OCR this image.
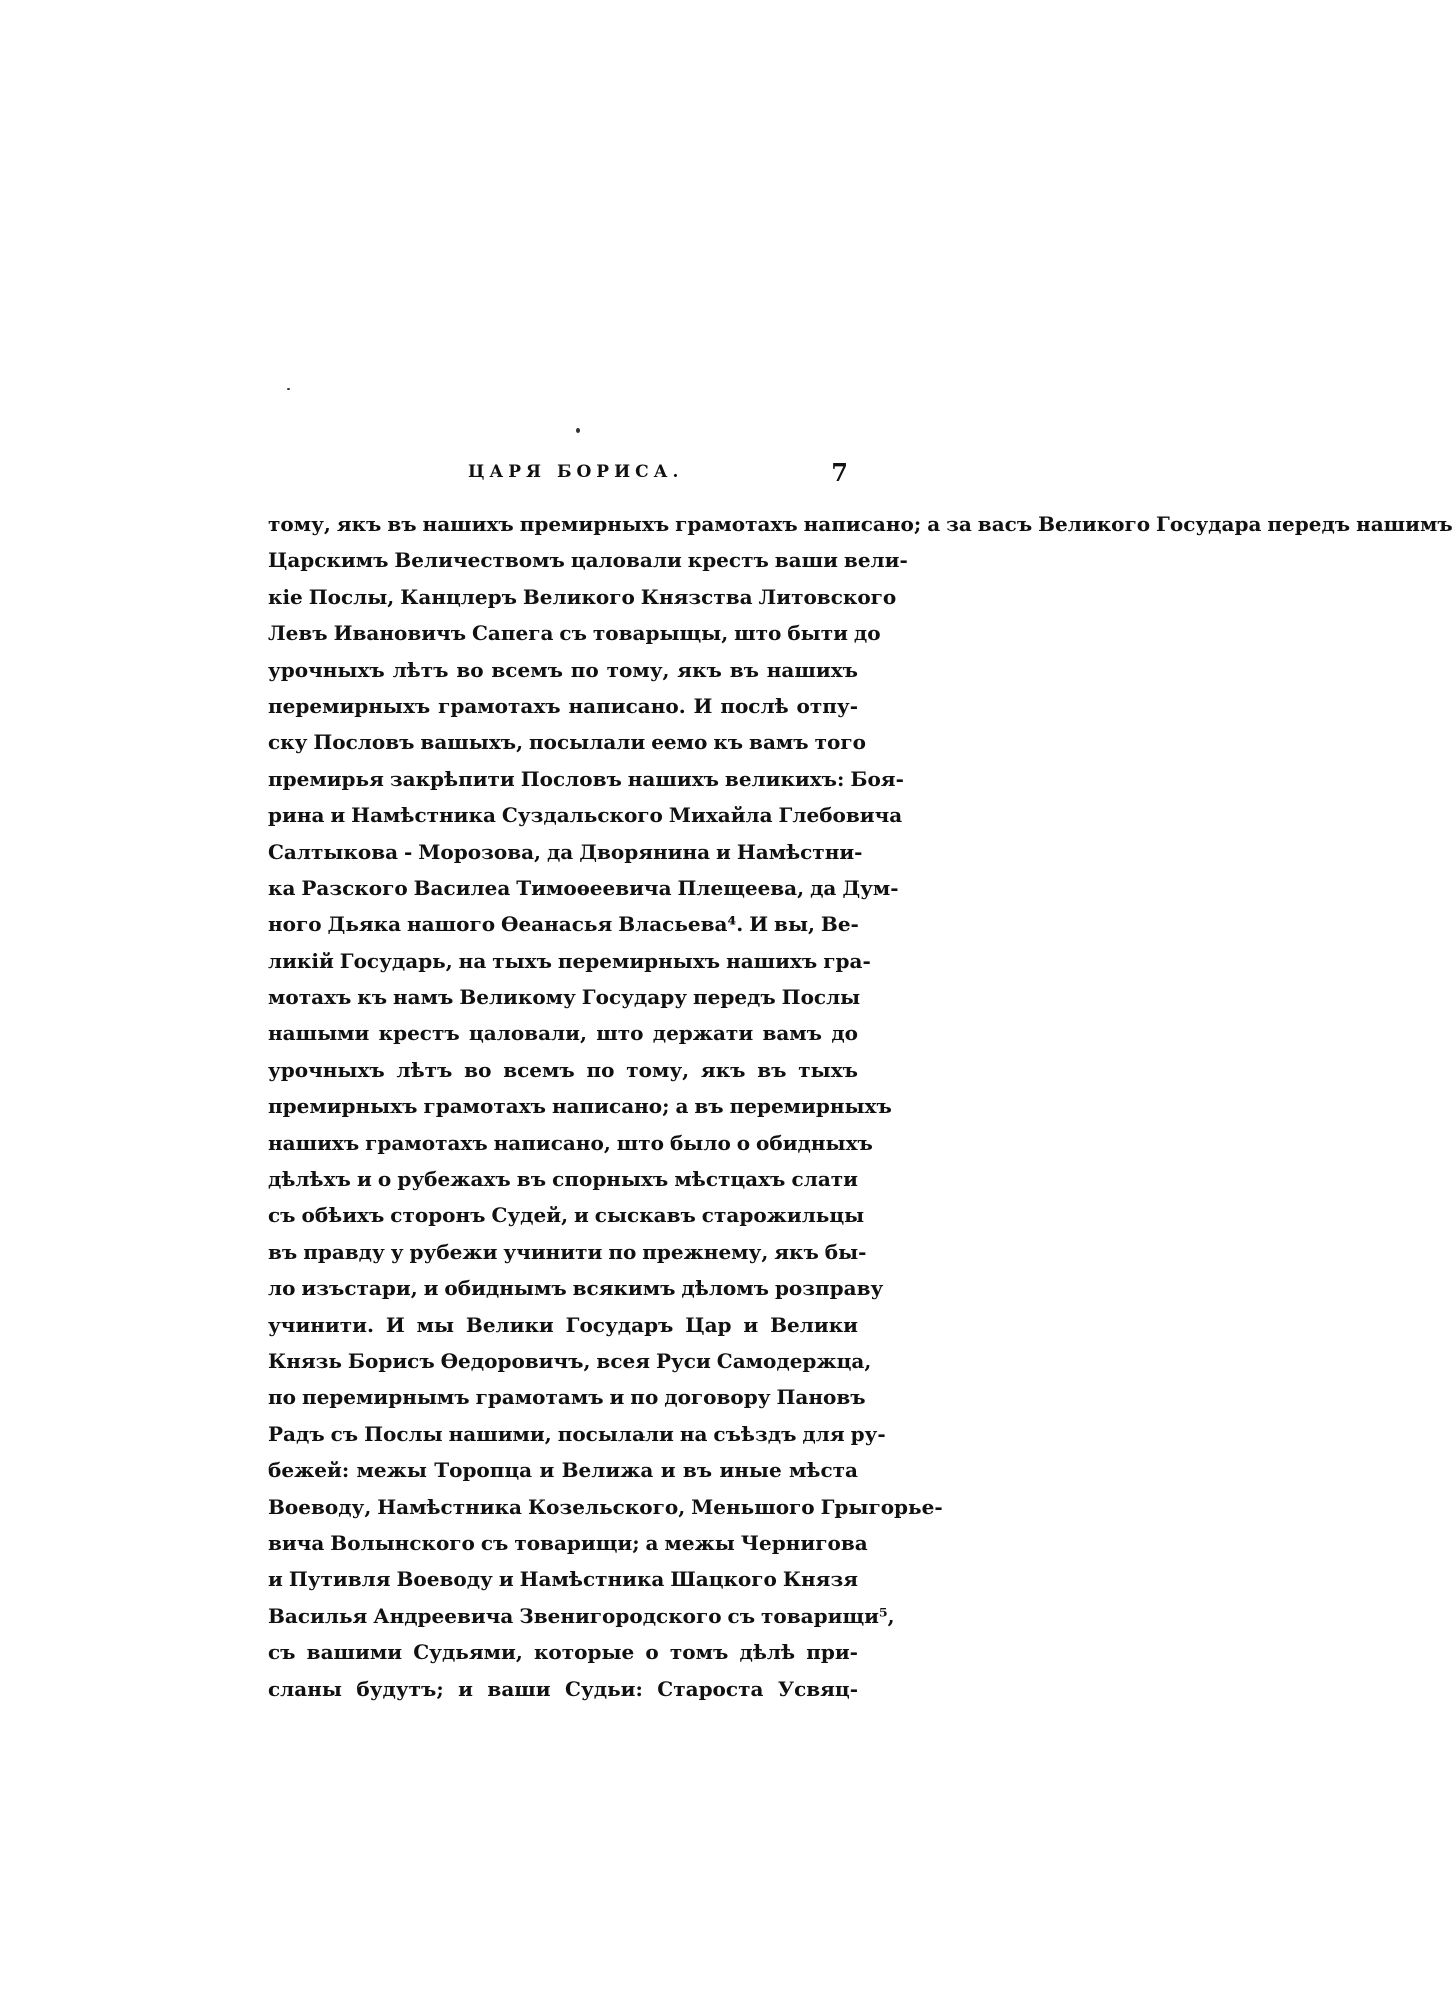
ЦАРЯ БОРИСА.	7
тому, якъ въ нашихъ премирныхъ грамотахъ написано; а за васъ Великого Государа передъ нашимъ
Царскимъ Величествомъ цаловали крестъ ваши вели-
кіе Послы, Канцлеръ Великого Князства Литовского
Левъ Ивановичъ Сапега съ товарыщы, што быти до
урочныхъ лѣтъ во всемъ по тому, якъ въ нашихъ
перемирныхъ грамотахъ написано. И послѣ отпу-
ску Пословъ вашыхъ, посылали еемо къ вамъ того
премирья закрѣпити Пословъ нашихъ великихъ: Боя-
рина и Намѣстника Суздальского Михайла Глебовича
Салтыкова - Морозова, да Дворянина и Намѣстни-
ка Разского Василеа Тимоѳеевича Плещеева, да Дум-
ного Дьяка нашого Ѳеанасья Власьева⁴. И вы, Ве-
ликій Государь, на тыхъ перемирныхъ нашихъ гра-
мотахъ къ намъ Великому Государу передъ Послы
нашыми крестъ цаловали, што держати вамъ до
урочныхъ лѣтъ во всемъ по тому, якъ въ тыхъ
премирныхъ грамотахъ написано; а въ перемирныхъ
нашихъ грамотахъ написано, што было о обидныхъ
дѣлѣхъ и о рубежахъ въ спорныхъ мѣстцахъ слати
съ обѣихъ сторонъ Судей, и сыскавъ старожильцы
въ правду у рубежи учинити по прежнему, якъ бы-
ло изъстари, и обиднымъ всякимъ дѣломъ розправу
учинити. И мы Велики Государъ Цар и Велики
Князь Борисъ Ѳедоровичъ, всея Руси Самодержца,
по перемирнымъ грамотамъ и по договору Пановъ
Радъ съ Послы нашими, посылали на съѣздъ для ру-
бежей: межы Торопца и Велижа и въ иные мѣста
Воеводу, Намѣстника Козельского, Меньшого Грыгорье-
вича Волынского съ товарищи; а межы Чернигова
и Путивля Воеводу и Намѣстника Шацкого Князя
Василья Андреевича Звенигородского съ товарищи⁵,
съ вашими Судьями, которые о томъ дѣлѣ при-
сланы будутъ; и ваши Судьи: Староста Усвяц-
